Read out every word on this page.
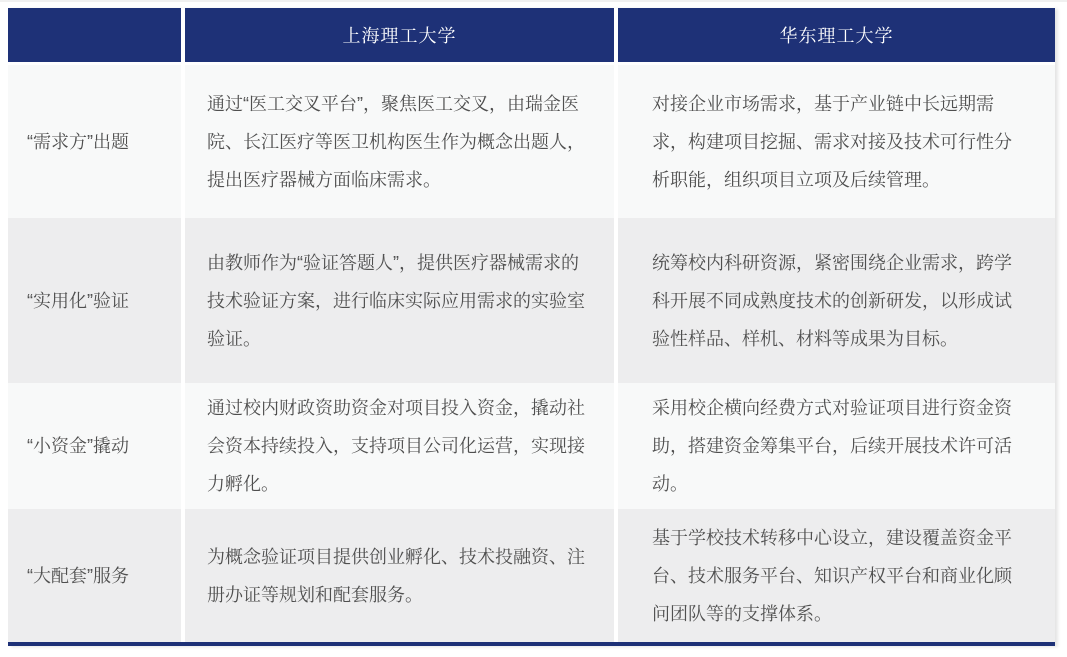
上海理工大学	华东理工大学
“需求方”出题
通过“医工交叉平台”，聚焦医工交叉，由瑞金医院、长江医疗等医卫机构医生作为概念出题人，提出医疗器械方面临床需求。
对接企业市场需求，基于产业链中长远期需求，构建项目挖掘、需求对接及技术可行性分析职能，组织项目立项及后续管理。
“实用化”验证
由教师作为“验证答题人”，提供医疗器械需求的技术验证方案，进行临床实际应用需求的实验室验证。
统筹校内科研资源，紧密围绕企业需求，跨学科开展不同成熟度技术的创新研发，以形成试验性样品、样机、材料等成果为目标。
“小资金”撬动
通过校内财政资助资金对项目投入资金，撬动社会资本持续投入，支持项目公司化运营，实现接力孵化。
采用校企横向经费方式对验证项目进行资金资助，搭建资金筹集平台，后续开展技术许可活动。
“大配套”服务
为概念验证项目提供创业孵化、技术投融资、注册办证等规划和配套服务。
基于学校技术转移中心设立，建设覆盖资金平台、技术服务平台、知识产权平台和商业化顾问团队等的支撑体系。
